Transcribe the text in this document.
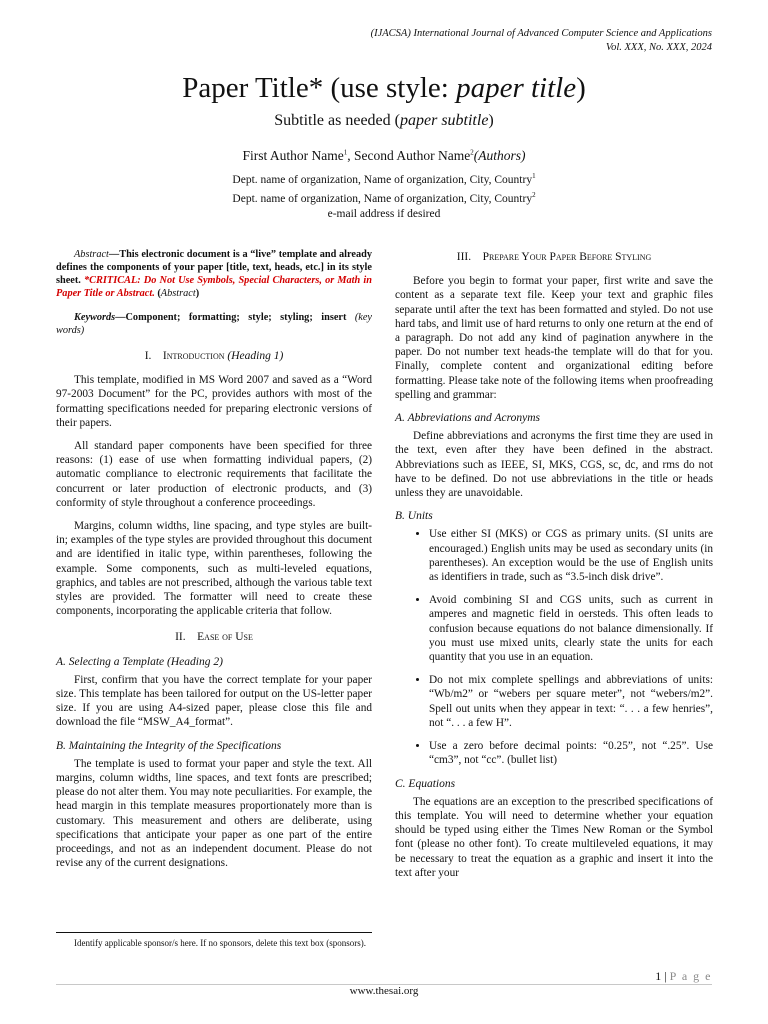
(IJACSA) International Journal of Advanced Computer Science and Applications
Vol. XXX, No. XXX, 2024
Paper Title* (use style: paper title)
Subtitle as needed (paper subtitle)
First Author Name$^1$, Second Author Name$^2$(Authors)
Dept. name of organization, Name of organization, City, Country$^1$
Dept. name of organization, Name of organization, City, Country$^2$
e-mail address if desired
Abstract—This electronic document is a “live” template and already defines the components of your paper [title, text, heads, etc.] in its style sheet. *CRITICAL: Do Not Use Symbols, Special Characters, or Math in Paper Title or Abstract. (Abstract)
Keywords—Component; formatting; style; styling; insert (key words)
I. Introduction (Heading 1)

This template, modified in MS Word 2007 and saved as a “Word 97-2003 Document” for the PC, provides authors with most of the formatting specifications needed for preparing electronic versions of their papers.

All standard paper components have been specified for three reasons: (1) ease of use when formatting individual papers, (2) automatic compliance to electronic requirements that facilitate the concurrent or later production of electronic products, and (3) conformity of style throughout a conference proceedings.

Margins, column widths, line spacing, and type styles are built-in; examples of the type styles are provided throughout this document and are identified in italic type, within parentheses, following the example. Some components, such as multi-leveled equations, graphics, and tables are not prescribed, although the various table text styles are provided. The formatter will need to create these components, incorporating the applicable criteria that follow.

II. Ease of Use
A. Selecting a Template (Heading 2)

First, confirm that you have the correct template for your paper size. This template has been tailored for output on the US-letter paper size. If you are using A4-sized paper, please close this file and download the file “MSW_A4_format”.

B. Maintaining the Integrity of the Specifications

The template is used to format your paper and style the text. All margins, column widths, line spaces, and text fonts are prescribed; please do not alter them. You may note peculiarities. For example, the head margin in this template measures proportionately more than is customary. This measurement and others are deliberate, using specifications that anticipate your paper as one part of the entire proceedings, and not as an independent document. Please do not revise any of the current designations.

III. Prepare Your Paper Before Styling

Before you begin to format your paper, first write and save the content as a separate text file. Keep your text and graphic files separate until after the text has been formatted and styled. Do not use hard tabs, and limit use of hard returns to only one return at the end of a paragraph. Do not add any kind of pagination anywhere in the paper. Do not number text heads-the template will do that for you. Finally, complete content and organizational editing before formatting. Please take note of the following items when proofreading spelling and grammar:

A. Abbreviations and Acronyms

Define abbreviations and acronyms the first time they are used in the text, even after they have been defined in the abstract. Abbreviations such as IEEE, SI, MKS, CGS, sc, dc, and rms do not have to be defined. Do not use abbreviations in the title or heads unless they are unavoidable.

B. Units
• Use either SI (MKS) or CGS as primary units. (SI units are encouraged.) English units may be used as secondary units (in parentheses). An exception would be the use of English units as identifiers in trade, such as “3.5-inch disk drive”.
• Avoid combining SI and CGS units, such as current in amperes and magnetic field in oersteds. This often leads to confusion because equations do not balance dimensionally. If you must use mixed units, clearly state the units for each quantity that you use in an equation.
• Do not mix complete spellings and abbreviations of units: “Wb/m2” or “webers per square meter”, not “webers/m2”. Spell out units when they appear in text: “. . . a few henries”, not “. . . a few H”.
• Use a zero before decimal points: “0.25”, not “.25”. Use “cm3”, not “cc”. (bullet list)
C. Equations

The equations are an exception to the prescribed specifications of this template. You will need to determine whether your equation should be typed using either the Times New Roman or the Symbol font (please no other font). To create multileveled equations, it may be necessary to treat the equation as a graphic and insert it into the text after your

Identify applicable sponsor/s here. If no sponsors, delete this text box (sponsors).
1 | P a g e
www.thesai.org
